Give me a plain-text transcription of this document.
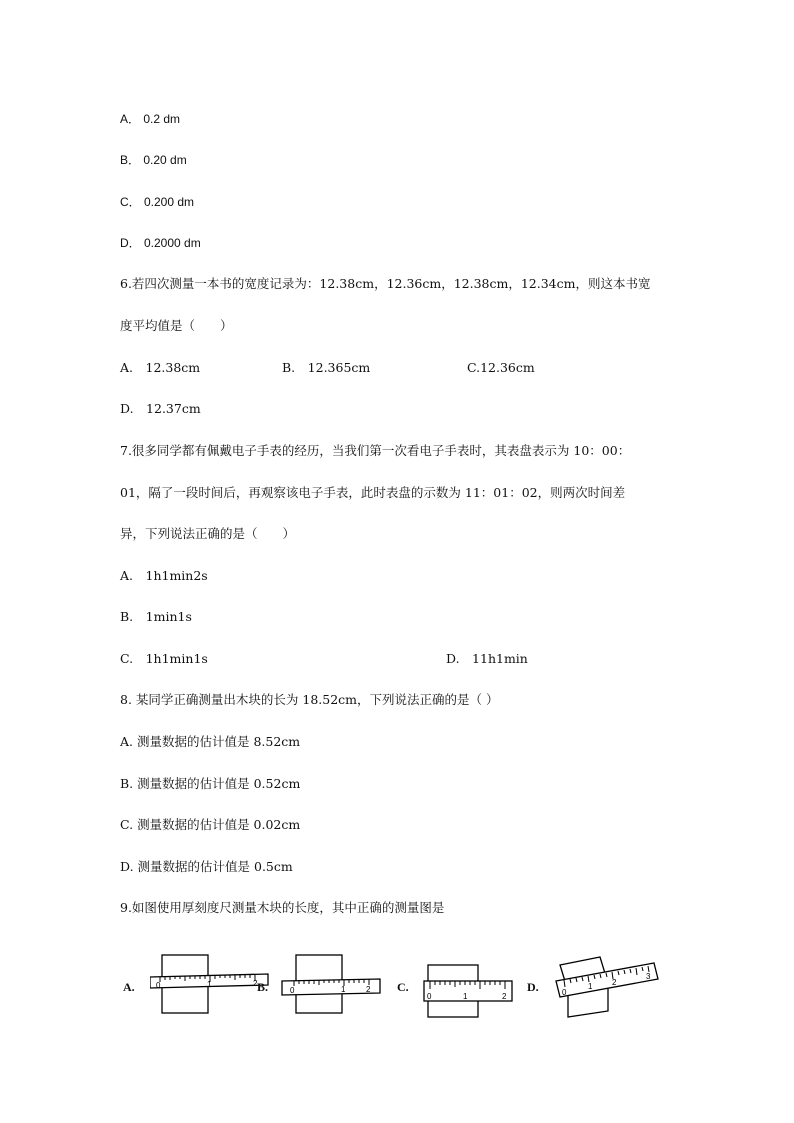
A． 0.2 dm
B． 0.20 dm
C． 0.200 dm
D． 0.2000 dm
6.若四次测量一本书的宽度记录为：12.38cm，12.36cm，12.38cm，12.34cm，则这本书宽
度平均值是（　　）
A.　12.38cm	B.　12.365cm	C.12.36cm
D.　12.37cm
7.很多同学都有佩戴电子手表的经历，当我们第一次看电子手表时，其表盘表示为 10：00：
01，隔了一段时间后，再观察该电子手表，此时表盘的示数为 11：01：02，则两次时间差
异，下列说法正确的是（　　）
A.　1h1min2s
B.　1min1s
C.　1h1min1s	D.　11h1min
8. 某同学正确测量出木块的长为 18.52cm，下列说法正确的是（ ）
A. 测量数据的估计值是 8.52cm
B. 测量数据的估计值是 0.52cm
C. 测量数据的估计值是 0.02cm
D. 测量数据的估计值是 0.5cm
9.如图使用厚刻度尺测量木块的长度，其中正确的测量图是
A.	0	1	2 B.	0	1	2 C.
0	1	2
D.	0
1 2
3
